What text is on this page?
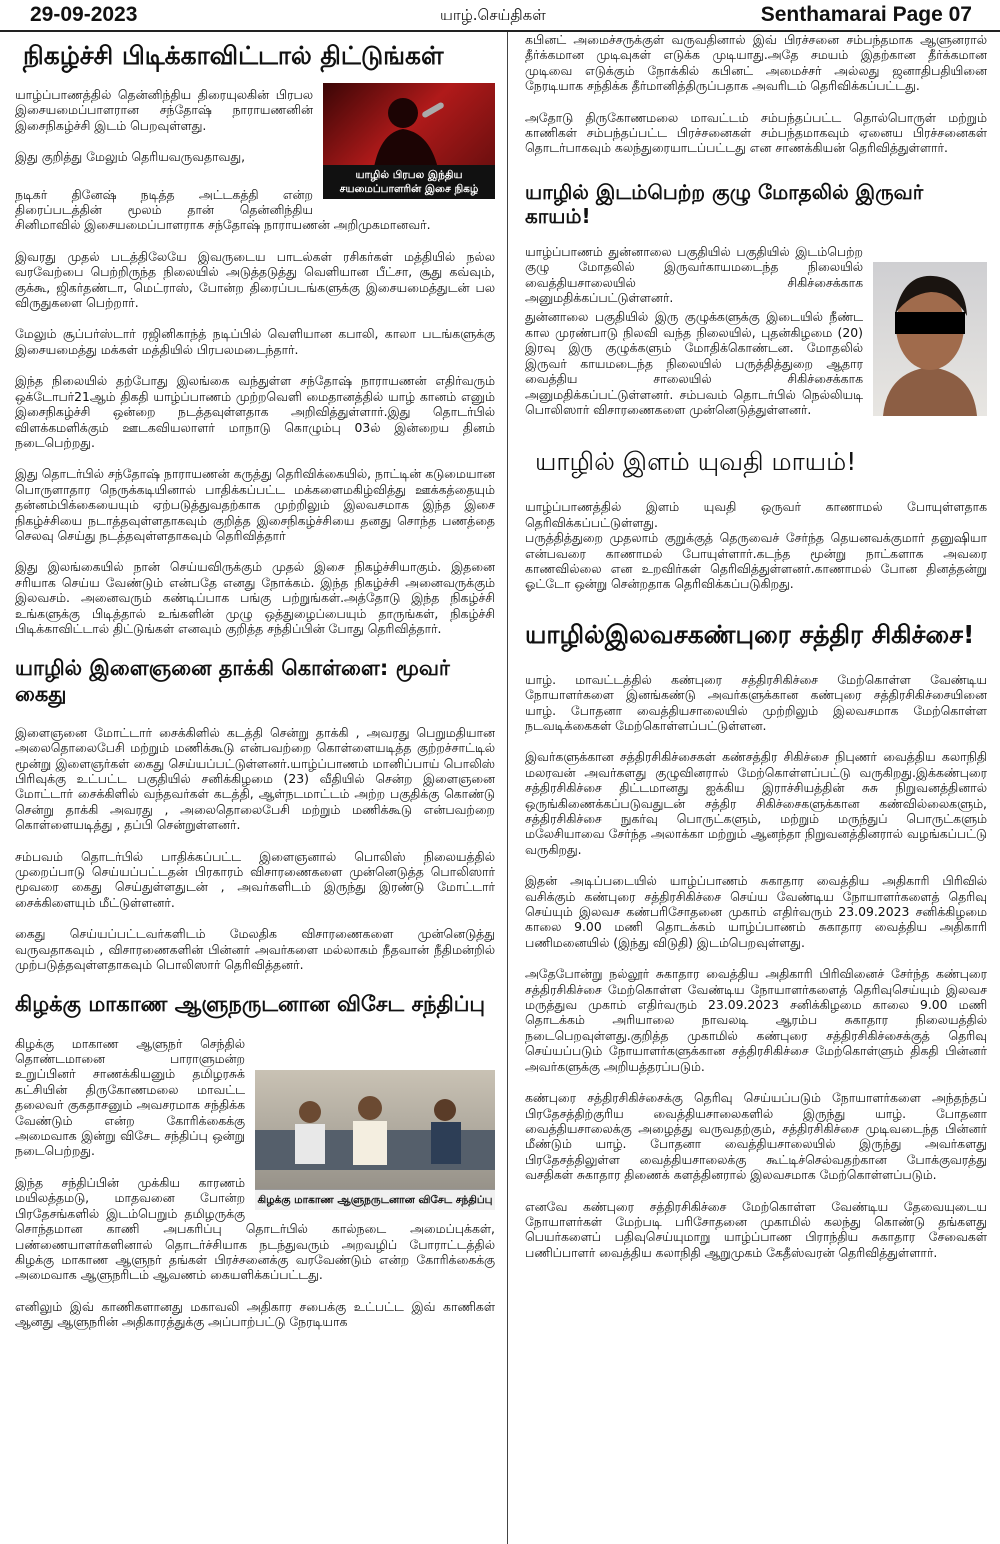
29-09-2023	யாழ்.செய்திகள்	Senthamarai Page 07
நிகழ்ச்சி பிடிக்காவிட்டால் திட்டுங்கள்
யாழில் பிரபல இந்திய சயமைப்பாளரின் இசை நிகழ்

யாழ்ப்பாணத்தில் தென்னிந்திய திரையுலகின் பிரபல இசையமைப்பாளரான சந்தோஷ் நாராயணனின் இசைநிகழ்ச்சி இடம் பெறவுள்ளது.

இது குறித்து மேலும் தெரியவருவதாவது,

நடிகர் தினேஷ் நடித்த அட்டகத்தி என்ற திரைப்படத்தின் மூலம் தான் தென்னிந்திய சினிமாவில் இசையமைப்பாளராக சந்தோஷ் நாராயணன் அறிமுகமானவர்.

இவரது முதல் படத்திலேயே இவருடைய பாடல்கள் ரசிகர்கள் மத்தியில் நல்ல வரவேற்பை பெற்றிருந்த நிலையில் அடுத்தடுத்து வெளியான பீட்சா, சூது கவ்வும், குக்கூ, ஜிகர்தண்டா, மெட்ராஸ், போன்ற திரைப்படங்களுக்கு இசையமைத்துடன் பல விருதுகளை பெற்றார்.

மேலும் சூப்பர்ஸ்டார் ரஜினிகாந்த் நடிப்பில் வெளியான கபாலி, காலா படங்களுக்கு இசையமைத்து மக்கள் மத்தியில் பிரபலமடைந்தார்.

இந்த நிலையில் தற்போது இலங்கை வந்துள்ள சந்தோஷ் நாராயணன் எதிர்வரும் ஒக்டோபர்21ஆம் திகதி யாழ்ப்பாணம் முற்றவெளி மைதானத்தில் யாழ் கானம் எனும் இசைநிகழ்ச்சி ஒன்றை நடத்தவுள்ளதாக அறிவித்துள்ளார்.இது தொடர்பில் விளக்கமளிக்கும் ஊடகவியலாளர் மாநாடு கொழும்பு 03ல் இன்றைய தினம் நடைபெற்றது.

இது தொடர்பில் சந்தோஷ் நாராயணன் கருத்து தெரிவிக்கையில், நாட்டின் கடுமையான பொருளாதார நெருக்கடியினால் பாதிக்கப்பட்ட மக்களைமகிழ்வித்து ஊக்கத்தையும் தன்னம்பிக்கையையும் ஏற்படுத்துவதற்காக முற்றிலும் இலவசமாக இந்த இசை நிகழ்ச்சியை நடாத்தவுள்ளதாகவும் குறித்த இசைநிகழ்ச்சியை தனது சொந்த பணத்தை செலவு செய்து நடத்தவுள்ளதாகவும் தெரிவித்தார்

இது இலங்கையில் நான் செய்யவிருக்கும் முதல் இசை நிகழ்ச்சியாகும். இதனை சரியாக செய்ய வேண்டும் என்பதே எனது நோக்கம். இந்த நிகழ்ச்சி அனைவருக்கும் இலவசம். அனைவரும் கண்டிப்பாக பங்கு பற்றுங்கள்.அத்தோடு இந்த நிகழ்ச்சி உங்களுக்கு பிடித்தால் உங்களின் முழு ஒத்துழைப்பையும் தாருங்கள், நிகழ்ச்சி பிடிக்காவிட்டால் திட்டுங்கள் எனவும் குறித்த சந்திப்பின் போது தெரிவித்தார்.

யாழில் இளைஞனை தாக்கி கொள்ளை: மூவர் கைது

இளைஞனை மோட்டார் சைக்கிளில் கடத்தி சென்று தாக்கி , அவரது பெறுமதியான அலைதொலைபேசி மற்றும் மணிக்கூடு என்பவற்றை கொள்ளையடித்த குற்றச்சாட்டில் மூன்று இளைஞர்கள் கைது செய்யப்பட்டுள்ளனர்.யாழ்ப்பாணம் மானிப்பாய் பொலிஸ் பிரிவுக்கு உட்பட்ட பகுதியில் சனிக்கிழமை (23) வீதியில் சென்ற இளைஞனை மோட்டார் சைக்கிளில் வந்தவர்கள் கடத்தி, ஆள்நடமாட்டம் அற்ற பகுதிக்கு கொண்டு சென்று தாக்கி அவரது , அலைதொலைபேசி மற்றும் மணிக்கூடு என்பவற்றை கொள்ளையடித்து , தப்பி சென்றுள்ளனர்.

சம்பவம் தொடர்பில் பாதிக்கப்பட்ட இளைஞனால் பொலிஸ் நிலையத்தில் முறைப்பாடு செய்யப்பட்டதன் பிரகாரம் விசாரணைகளை முன்னெடுத்த பொலிஸார் மூவரை கைது செய்துள்ளதுடன் , அவர்களிடம் இருந்து இரண்டு மோட்டார் சைக்கிளையும் மீட்டுள்ளனர்.

கைது செய்யப்பட்டவர்களிடம் மேலதிக விசாரணைகளை முன்னெடுத்து வருவதாகவும் , விசாரணைகளின் பின்னர் அவர்களை மல்லாகம் நீதவான் நீதிமன்றில் முற்படுத்தவுள்ளதாகவும் பொலிஸார் தெரிவித்தனர்.

கிழக்கு மாகாண ஆளுநருடனான விசேட சந்திப்பு
கிழக்கு மாகாண ஆளுநருடனான விசேட சந்திப்பு

கிழக்கு மாகாண ஆளுநர் செந்தில் தொண்டமானை பாராளுமன்ற உறுப்பினர் சாணக்கியனும் தமிழரசுக் கட்சியின் திருகோணமலை மாவட்ட தலைவர் குகதாசனும் அவசரமாக சந்திக்க வேண்டும் என்ற கோரிக்கைக்கு அமைவாக இன்று விசேட சந்திப்பு ஒன்று நடைபெற்றது.

இந்த சந்திப்பின் முக்கிய காரணம் மயிலத்தமடு, மாதவனை போன்ற பிரதேசங்களில் இடம்பெறும் தமிழருக்கு சொந்தமான காணி அபகரிப்பு தொடர்பில் கால்நடை அமைப்புக்கள், பண்ணையாளர்களினால் தொடர்ச்சியாக நடந்துவரும் அறவழிப் போராட்டத்தில் கிழக்கு மாகாண ஆளுநர் தங்கள் பிரச்சனைக்கு வரவேண்டும் என்ற கோரிக்கைக்கு அமைவாக ஆளுநரிடம் ஆவணம் கையளிக்கப்பட்டது.

எனிலும் இவ் காணிகளானது மகாவலி அதிகார சபைக்கு உட்பட்ட இவ் காணிகள் ஆனது ஆளுநரின் அதிகாரத்துக்கு அப்பாற்பட்டு நேரடியாக

கபினட் அமைச்சருக்குள் வருவதினால் இவ் பிரச்சனை சம்பந்தமாக ஆளுனரால் தீர்க்கமான முடிவுகள் எடுக்க முடியாது.அதே சமயம் இதற்கான தீர்க்கமான முடிவை எடுக்கும் நோக்கில் கபினட் அமைச்சர் அல்லது ஜனாதிபதியினை நேரடியாக சந்திக்க தீர்மானித்திருப்பதாக அவரிடம் தெரிவிக்கப்பட்டது.

அதோடு திருகோணமலை மாவட்டம் சம்பந்தப்பட்ட தொல்பொருள் மற்றும் காணிகள் சம்பந்தப்பட்ட பிரச்சனைகள் சம்பந்தமாகவும் ஏனைய பிரச்சனைகள் தொடர்பாகவும் கலந்துரையாடப்பட்டது என சாணக்கியன் தெரிவித்துள்ளார்.

யாழில் இடம்பெற்ற குழு மோதலில் இருவர் காயம்!

யாழ்ப்பாணம் துன்னாலை பகுதியில் பகுதியில் இடம்பெற்ற குழு மோதலில் இருவர்காயமடைந்த நிலையில் வைத்தியசாலையில் சிகிச்சைக்காக அனுமதிக்கப்பட்டுள்ளனர்.

துன்னாலை பகுதியில் இரு குழுக்களுக்கு இடையில் நீண்ட கால முரண்பாடு நிலவி வந்த நிலையில், புதன்கிழமை (20) இரவு இரு குழுக்களும் மோதிக்கொண்டன. மோதலில் இருவர் காயமடைந்த நிலையில் பருத்தித்துறை ஆதார வைத்திய சாலையில் சிகிச்சைக்காக அனுமதிக்கப்பட்டுள்ளனர். சம்பவம் தொடர்பில் நெல்லியடி பொலிஸார் விசாரணைகளை முன்னெடுத்துள்ளனர்.

யாழில் இளம் யுவதி மாயம்!

யாழ்ப்பாணத்தில் இளம் யுவதி ஒருவர் காணாமல் போயுள்ளதாக தெரிவிக்கப்பட்டுள்ளது.

பருத்தித்துறை முதலாம் குறுக்குத் தெருவைச் சேர்ந்த தெயனவக்குமார் தனுஷியா என்பவரை காணாமல் போயுள்ளார்.கடந்த மூன்று நாட்களாக அவரை காணவில்லை என உறவிர்கள் தெரிவித்துள்ளனர்.காணாமல் போன தினத்தன்று ஓட்டோ ஒன்று சென்றதாக தெரிவிக்கப்படுகிறது.

யாழில்இலவசகண்புரை சத்திர சிகிச்சை!

யாழ். மாவட்டத்தில் கண்புரை சத்திரசிகிச்சை மேற்கொள்ள வேண்டிய நோயாளர்களை இனங்கண்டு அவர்களுக்கான கண்புரை சத்திரசிகிச்சையினை யாழ். போதனா வைத்தியசாலையில் முற்றிலும் இலவசமாக மேற்கொள்ள நடவடிக்கைகள் மேற்கொள்ளப்பட்டுள்ளன.

இவர்களுக்கான சத்திரசிகிச்சைகள் கண்சத்திர சிகிச்சை நிபுணர் வைத்திய கலாநிதி மலரவன் அவர்களது குழுவினரால் மேற்கொள்ளப்பட்டு வருகிறது.இக்கண்புரை சத்திரசிகிச்சை திட்டமானது ஐக்கிய இராச்சியத்தின் சுசு நிறுவனத்தினால் ஒருங்கிணைக்கப்படுவதுடன் சத்திர சிகிச்சைகளுக்கான கண்வில்லைகளும், சத்திரசிகிச்சை நுகர்வு பொருட்களும், மற்றும் மருந்துப் பொருட்களும் மலேசியாவை சேர்ந்த அலாக்கா மற்றும் ஆனந்தா நிறுவனத்தினரால் வழங்கப்பட்டு வருகிறது.

இதன் அடிப்படையில் யாழ்ப்பாணம் சுகாதார வைத்திய அதிகாரி பிரிவில் வசிக்கும் கண்புரை சத்திரசிகிச்சை செய்ய வேண்டிய நோயாளர்களைத் தெரிவு செய்யும் இலவச கண்பரிசோதனை முகாம் எதிர்வரும் 23.09.2023 சனிக்கிழமை காலை 9.00 மணி தொடக்கம் யாழ்ப்பாணம் சுகாதார வைத்திய அதிகாரி பணிமனையில் (இந்து விடுதி) இடம்பெறவுள்ளது.

அதேபோன்று நல்லூர் சுகாதார வைத்திய அதிகாரி பிரிவினைச் சேர்ந்த கண்புரை சத்திரசிகிச்சை மேற்கொள்ள வேண்டிய நோயாளர்களைத் தெரிவுசெய்யும் இலவச மருத்துவ முகாம் எதிர்வரும் 23.09.2023 சனிக்கிழமை காலை 9.00 மணி தொடக்கம் அரியாலை நாவலடி ஆரம்ப சுகாதார நிலையத்தில் நடைபெறவுள்ளது.குறித்த முகாமில் கண்புரை சத்திரசிகிச்சைக்குத் தெரிவு செய்யப்படும் நோயாளர்களுக்கான சத்திரசிகிச்சை மேற்கொள்ளும் திகதி பின்னர் அவர்களுக்கு அறியத்தரப்படும்.

கண்புரை சத்திரசிகிச்சைக்கு தெரிவு செய்யப்படும் நோயாளர்களை அந்தந்தப் பிரதேசத்திற்குரிய வைத்தியசாலைகளில் இருந்து யாழ். போதனா வைத்தியசாலைக்கு அழைத்து வருவதற்கும், சத்திரசிகிச்சை முடிவடைந்த பின்னர் மீண்டும் யாழ். போதனா வைத்தியசாலையில் இருந்து அவர்களது பிரதேசத்திலுள்ள வைத்தியசாலைக்கு கூட்டிச்செல்வதற்கான போக்குவரத்து வசதிகள் சுகாதார திணைக் களத்தினரால் இலவசமாக மேற்கொள்ளப்படும்.

எனவே கண்புரை சத்திரசிகிச்சை மேற்கொள்ள வேண்டிய தேவையுடைய நோயாளர்கள் மேற்படி பரிசோதனை முகாமில் கலந்து கொண்டு தங்களது பெயர்களைப் பதிவுசெய்யுமாறு யாழ்ப்பாண பிராந்திய சுகாதார சேவைகள் பணிப்பாளர் வைத்திய கலாநிதி ஆறுமுகம் கேதீஸ்வரன் தெரிவித்துள்ளார்.
